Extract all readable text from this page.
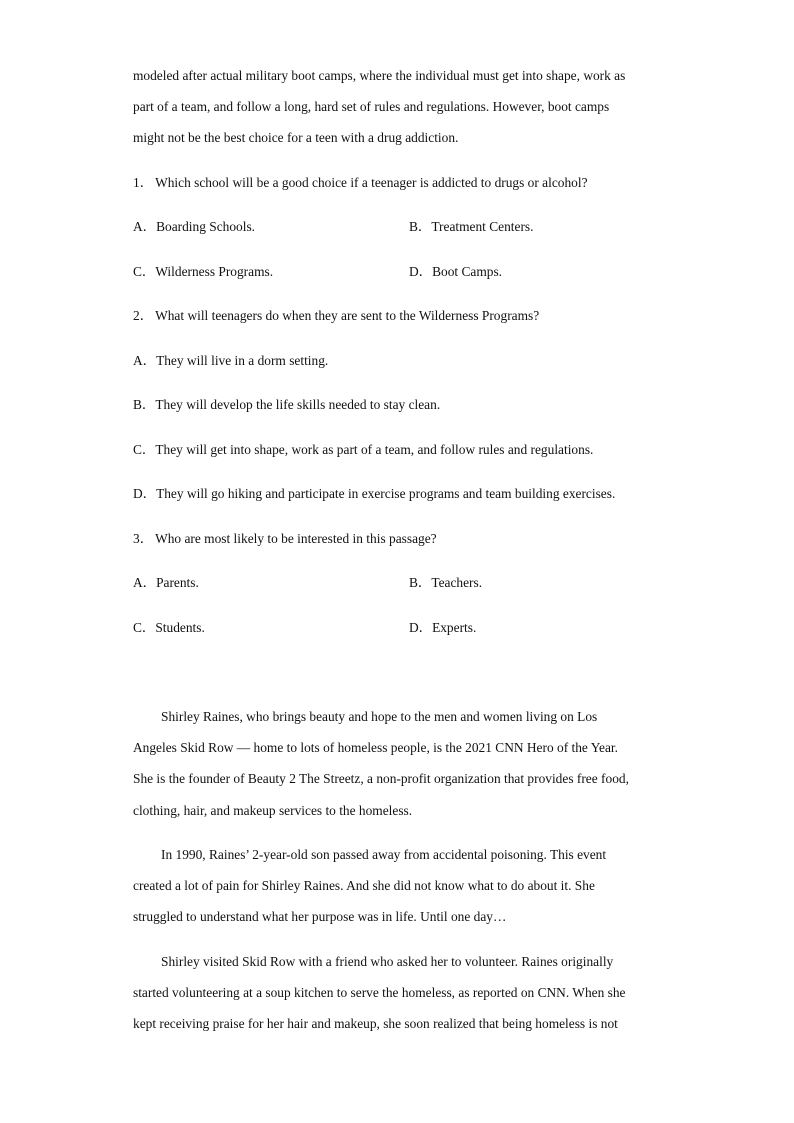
modeled after actual military boot camps, where the individual must get into shape, work as
part of a team, and follow a long, hard set of rules and regulations. However, boot camps
might not be the best choice for a teen with a drug addiction.
1． Which school will be a good choice if a teenager is addicted to drugs or alcohol?
A．Boarding Schools.	B．Treatment Centers.
C．Wilderness Programs.	D．Boot Camps.
2． What will teenagers do when they are sent to the Wilderness Programs?
A．They will live in a dorm setting.
B．They will develop the life skills needed to stay clean.
C．They will get into shape, work as part of a team, and follow rules and regulations.
D．They will go hiking and participate in exercise programs and team building exercises.
3． Who are most likely to be interested in this passage?
A．Parents.	B．Teachers.
C．Students.	D．Experts.
Shirley Raines, who brings beauty and hope to the men and women living on Los
Angeles Skid Row — home to lots of homeless people, is the 2021 CNN Hero of the Year.
She is the founder of Beauty 2 The Streetz, a non-profit organization that provides free food,
clothing, hair, and makeup services to the homeless.
In 1990, Raines’ 2-year-old son passed away from accidental poisoning. This event
created a lot of pain for Shirley Raines. And she did not know what to do about it. She
struggled to understand what her purpose was in life. Until one day…
Shirley visited Skid Row with a friend who asked her to volunteer. Raines originally
started volunteering at a soup kitchen to serve the homeless, as reported on CNN. When she
kept receiving praise for her hair and makeup, she soon realized that being homeless is not
